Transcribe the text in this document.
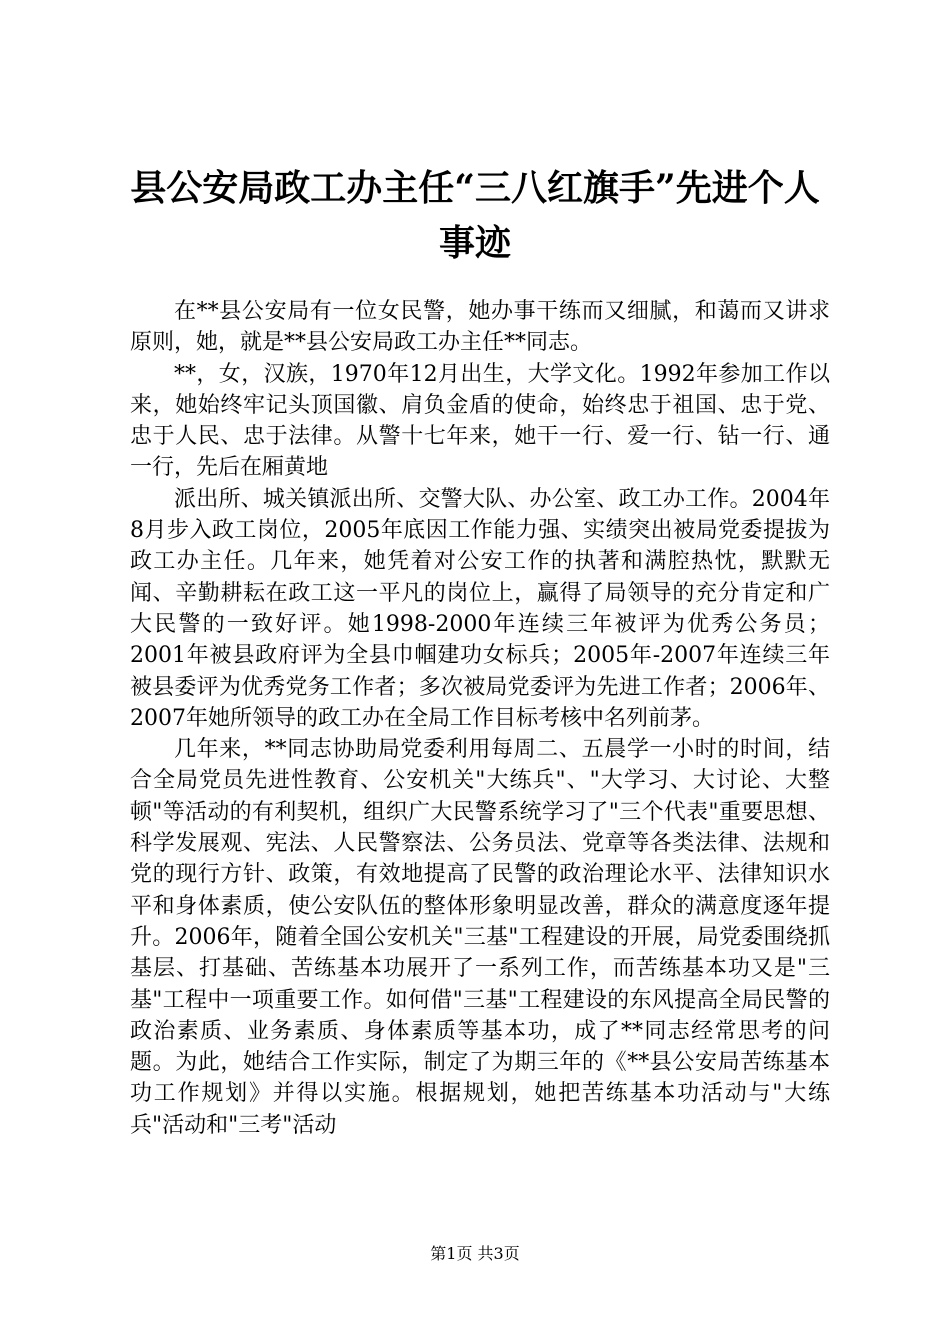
县公安局政工办主任“三八红旗手”先进个人
事迹

在**县公安局有一位女民警，她办事干练而又细腻，和蔼而又讲求原则，她，就是**县公安局政工办主任**同志。

**，女，汉族，1970年12月出生，大学文化。1992年参加工作以来，她始终牢记头顶国徽、肩负金盾的使命，始终忠于祖国、忠于党、忠于人民、忠于法律。从警十七年来，她干一行、爱一行、钻一行、通一行，先后在厢黄地

派出所、城关镇派出所、交警大队、办公室、政工办工作。2004年8月步入政工岗位，2005年底因工作能力强、实绩突出被局党委提拔为政工办主任。几年来，她凭着对公安工作的执著和满腔热忱，默默无闻、辛勤耕耘在政工这一平凡的岗位上，赢得了局领导的充分肯定和广大民警的一致好评。她1998-2000年连续三年被评为优秀公务员；2001年被县政府评为全县巾帼建功女标兵；2005年-2007年连续三年被县委评为优秀党务工作者；多次被局党委评为先进工作者；2006年、2007年她所领导的政工办在全局工作目标考核中名列前茅。

几年来，**同志协助局党委利用每周二、五晨学一小时的时间，结合全局党员先进性教育、公安机关"大练兵"、"大学习、大讨论、大整顿"等活动的有利契机，组织广大民警系统学习了"三个代表"重要思想、科学发展观、宪法、人民警察法、公务员法、党章等各类法律、法规和党的现行方针、政策，有效地提高了民警的政治理论水平、法律知识水平和身体素质，使公安队伍的整体形象明显改善，群众的满意度逐年提升。2006年，随着全国公安机关"三基"工程建设的开展，局党委围绕抓基层、打基础、苦练基本功展开了一系列工作，而苦练基本功又是"三基"工程中一项重要工作。如何借"三基"工程建设的东风提高全局民警的政治素质、业务素质、身体素质等基本功，成了**同志经常思考的问题。为此，她结合工作实际，制定了为期三年的《**县公安局苦练基本功工作规划》并得以实施。根据规划，她把苦练基本功活动与"大练兵"活动和"三考"活动

第1页 共3页
